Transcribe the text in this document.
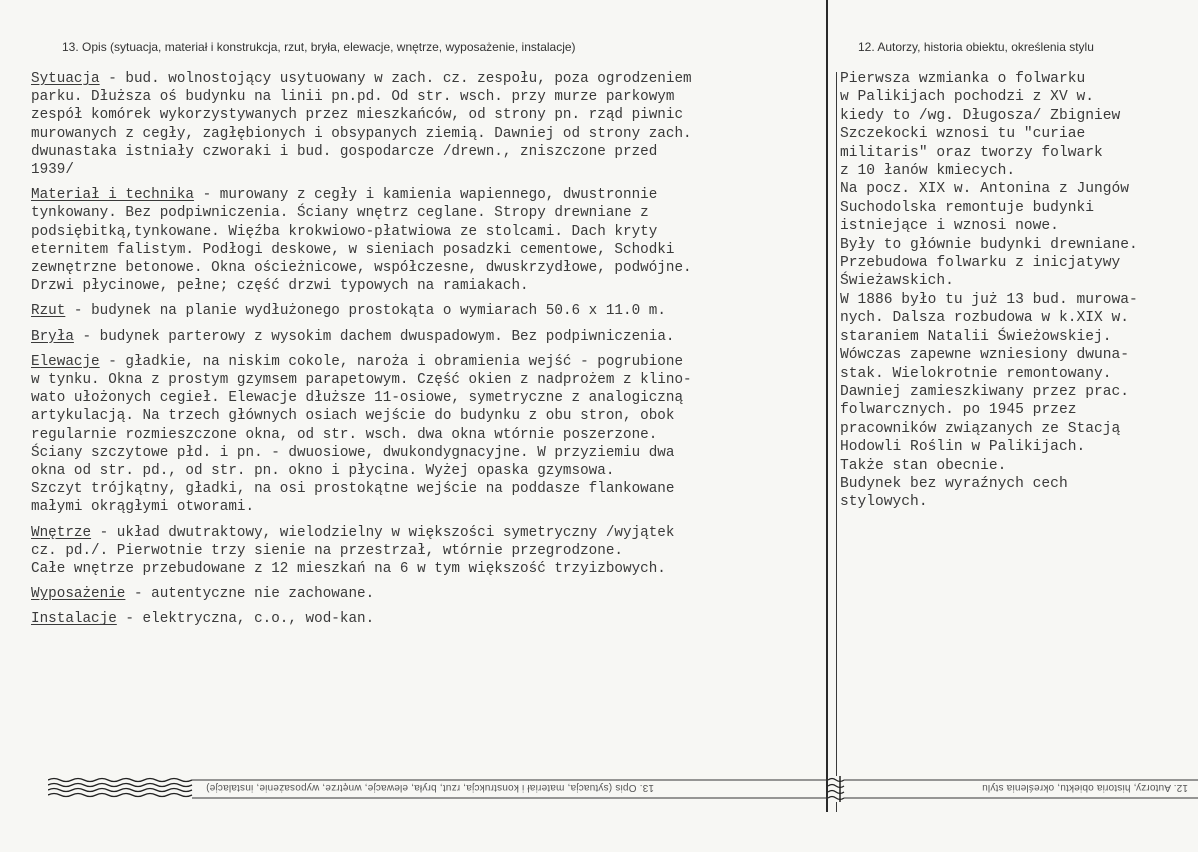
13. Opis (sytuacja, materiał i konstrukcja, rzut, bryła, elewacje, wnętrze, wyposażenie, instalacje)	12. Autorzy, historia obiektu, określenia stylu

Sytuacja - bud. wolnostojący usytuowany w zach. cz. zespołu, poza ogrodzeniem
parku. Dłuższa oś budynku na linii pn.pd. Od str. wsch. przy murze parkowym
zespół komórek wykorzystywanych przez mieszkańców, od strony pn. rząd piwnic
murowanych z cegły, zagłębionych i obsypanych ziemią. Dawniej od strony zach.
dwunastaka istniały czworaki i bud. gospodarcze /drewn., zniszczone przed
1939/

Materiał i technika - murowany z cegły i kamienia wapiennego, dwustronnie
tynkowany. Bez podpiwniczenia. Ściany wnętrz ceglane. Stropy drewniane z
podsiębitką,tynkowane. Więźba krokwiowo-płatwiowa ze stolcami. Dach kryty
eternitem falistym. Podłogi deskowe, w sieniach posadzki cementowe, Schodki
zewnętrzne betonowe. Okna ościeżnicowe, współczesne, dwuskrzydłowe, podwójne.
Drzwi płycinowe, pełne; część drzwi typowych na ramiakach.

Rzut - budynek na planie wydłużonego prostokąta o wymiarach 50.6 x 11.0 m.

Bryła - budynek parterowy z wysokim dachem dwuspadowym. Bez podpiwniczenia.

Elewacje - gładkie, na niskim cokole, naroża i obramienia wejść - pogrubione
w tynku. Okna z prostym gzymsem parapetowym. Część okien z nadprożem z klino-
wato ułożonych cegieł. Elewacje dłuższe 11-osiowe, symetryczne z analogiczną
artykulacją. Na trzech głównych osiach wejście do budynku z obu stron, obok
regularnie rozmieszczone okna, od str. wsch. dwa okna wtórnie poszerzone.
Ściany szczytowe płd. i pn. - dwuosiowe, dwukondygnacyjne. W przyziemiu dwa
okna od str. pd., od str. pn. okno i płycina. Wyżej opaska gzymsowa.
Szczyt trójkątny, gładki, na osi prostokątne wejście na poddasze flankowane
małymi okrągłymi otworami.

Wnętrze - układ dwutraktowy, wielodzielny w większości symetryczny /wyjątek
cz. pd./. Pierwotnie trzy sienie na przestrzał, wtórnie przegrodzone.
Całe wnętrze przebudowane z 12 mieszkań na 6 w tym większość trzyizbowych.

Wyposażenie - autentyczne nie zachowane.

Instalacje - elektryczna, c.o., wod-kan.

Pierwsza wzmianka o folwarku
w Palikijach pochodzi z XV w.
kiedy to /wg. Długosza/ Zbigniew
Szczekocki wznosi tu "curiae
militaris" oraz tworzy folwark
z 10 łanów kmiecych.

Na pocz. XIX w. Antonina z Jungów
Suchodolska remontuje budynki
istniejące i wznosi nowe.

Były to głównie budynki drewniane.
Przebudowa folwarku z inicjatywy
Świeżawskich.

W 1886 było tu już 13 bud. murowa-
nych. Dalsza rozbudowa w k.XIX w.
staraniem Natalii Świeżowskiej.
Wówczas zapewne wzniesiony dwuna-
stak. Wielokrotnie remontowany.
Dawniej zamieszkiwany przez prac.
folwarcznych. po 1945 przez
pracowników związanych ze Stacją
Hodowli Roślin w Palikijach.

Także stan obecnie.

Budynek bez wyraźnych cech
stylowych.

13. Opis (sytuacja, materiał i konstrukcja, rzut, bryła, elewacje, wnętrze, wyposażenie, instalacje)	12. Autorzy, historia obiektu, określenia stylu
